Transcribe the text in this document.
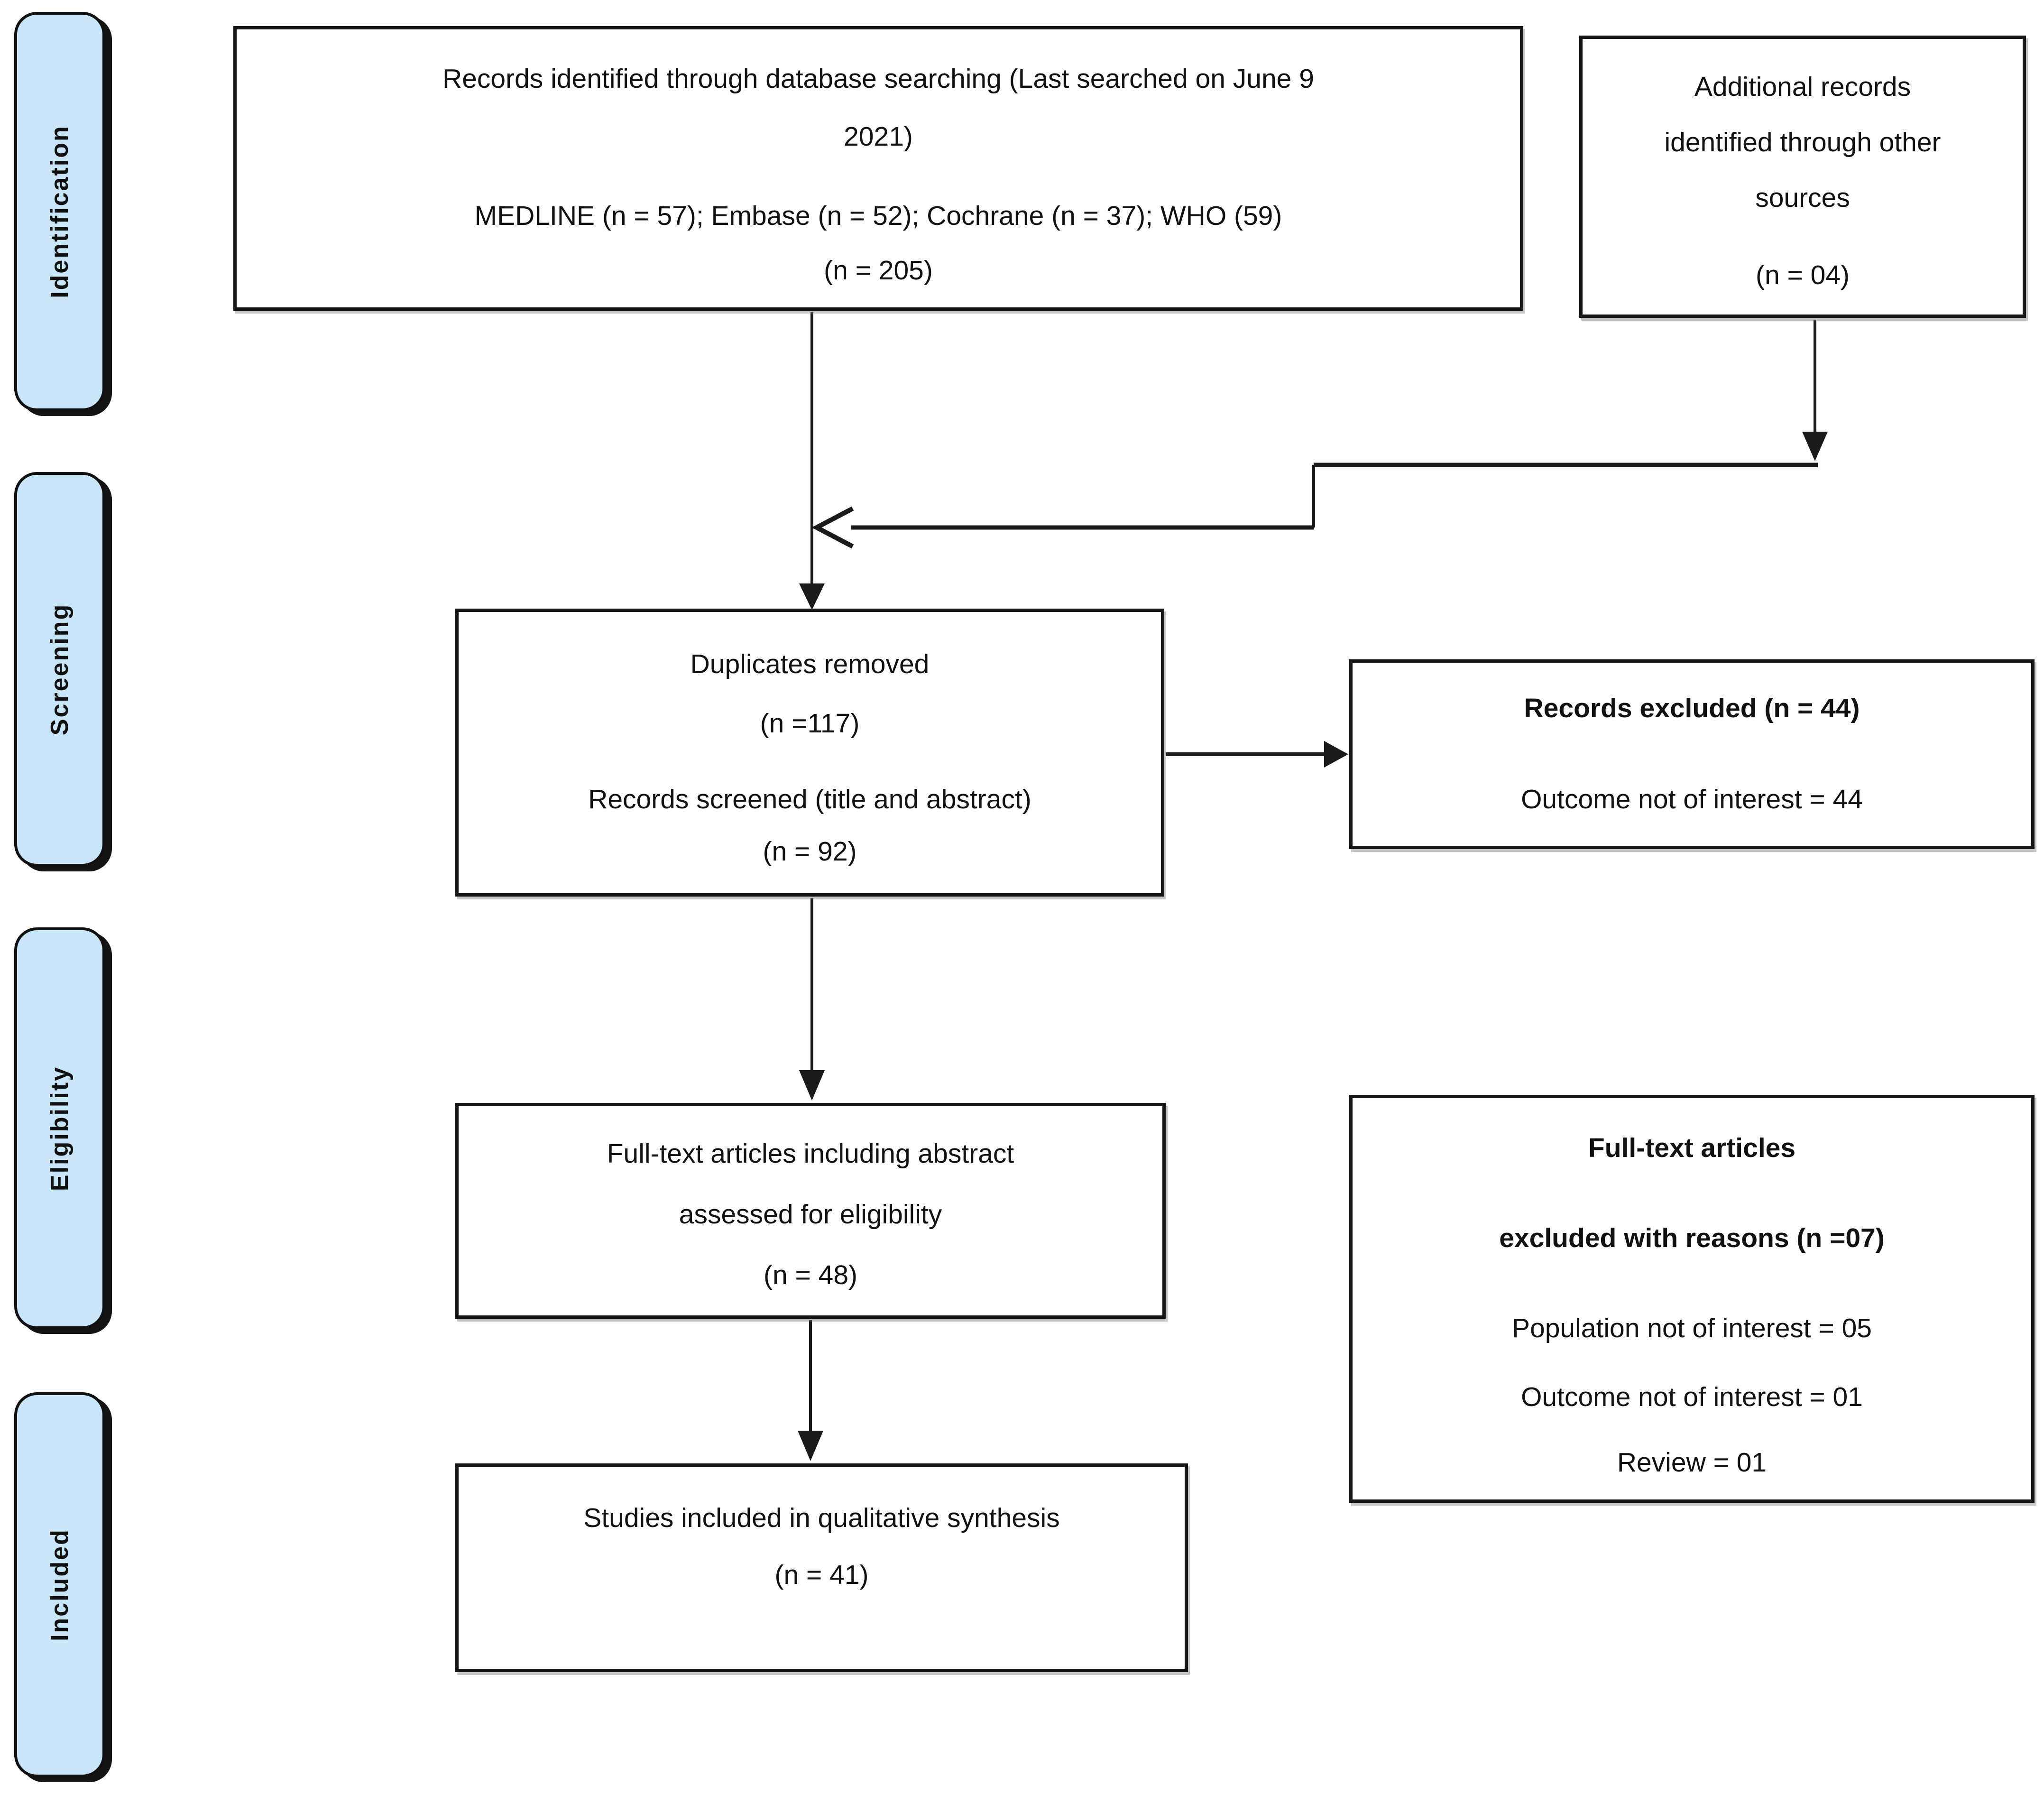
Identification
Screening
Eligibility
Included
Records identified through database searching (Last searched on June 9
2021)
MEDLINE (n = 57); Embase (n = 52); Cochrane (n = 37); WHO (59)
(n = 205)
Additional records
identified through other
sources
(n = 04)
Duplicates removed
(n =117)
Records screened (title and abstract)
(n = 92)
Records excluded (n = 44)
Outcome not of interest = 44
Full-text articles including abstract
assessed for eligibility
(n = 48)
Full-text articles
excluded with reasons (n =07)
Population not of interest = 05
Outcome not of interest = 01
Review = 01
Studies included in qualitative synthesis
(n = 41)
